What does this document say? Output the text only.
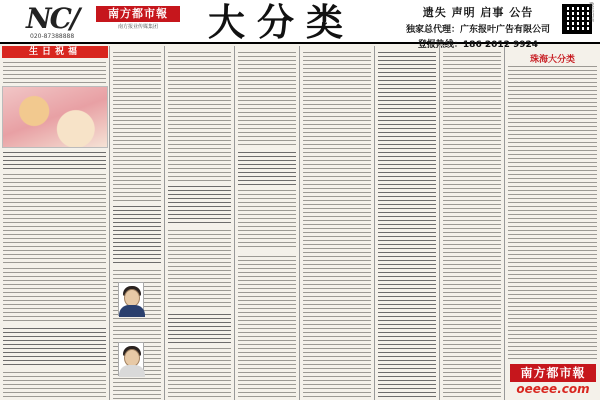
NC/	南方都市報
南方报业传媒集团
020-87388888	大分类	遗失 声明 启事 公告
独家总代理：广东报叶广告有限公司
登报热线：186 2012 9924
微信扫码
生日祝福
珠海大分类
南方都市報
oeeee.com
